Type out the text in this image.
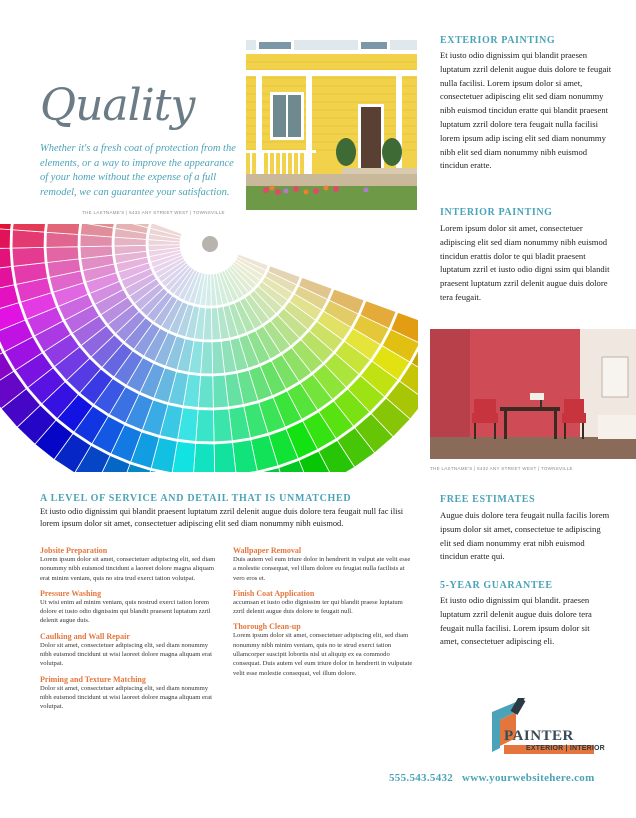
Quality
Whether it's a fresh coat of protection from the elements, or a way to improve the appearance of your home without the expense of a full remodel, we can guarantee your satisfaction.
THE LASTNAME'S | 5432 ANY STREET WEST | TOWNSVILLE
EXTERIOR PAINTING
Et iusto odio dignissim qui blandit praesen luptatum zzril delenit augue duis dolore te feugait nulla facilisi. Lorem ipsum dolor si amet, consectetuer adipiscing elit sed diam nonummy nibh euismod tincidun eratte qui blandit praesent luptatum zzril dolore tera feugait nulla facilisi lorem ipsum adip iscing elit sed diam nonummy nibh elit sed diam nonummy nibh euismod tincidun eratte.
INTERIOR PAINTING
Lorem ipsum dolor sit amet, consectetuer adipiscing elit sed diam nonummy nibh euismod tincidun erattis dolor te qui bladit praesent luptatum zzril et iusto odio digni ssim qui blandit praesent luptatum zzril delenit augue duis dolore tera feugait.
THE LASTNAME'S | 5432 ANY STREET WEST | TOWNSVILLE
FREE ESTIMATES
Augue duis dolore tera feugait nulla facilis lorem ipsum dolor sit amet, consectetue te adipiscing elit sed diam nonummy erat nibh euismod tincidun eratte qui.
5-YEAR GUARANTEE
Et iusto odio dignissim qui blandit. praesen luptatum zzril delenit augue duis dolore tera feugait nulla facilisi. Lorem ipsum dolor sit amet, consectetuer adipiscing eli.
A LEVEL OF SERVICE AND DETAIL THAT IS UNMATCHED
Et iusto odio dignissim qui blandit praesent luptatum zzril delenit augue duis dolore tera feugait null fac ilisi lorem ipsum dolor sit amet, consectetuer adipiscing elit sed diam nonummy nibh euismod.
Jobsite Preparation
Lorem ipsum dolor sit amet, consectetuer adipiscing elit, sed diam nonummy nibh euismod tincidunt a laoreet dolore magna aliquam erat minim veniam, quis no stra trud exerci tation volutpat.
Pressure Washing
Ut wisi enim ad minim veniam, quis nostrud exerci tation lorem dolore et iusto odio dignissim qui blandit praesent luptatum zzril delenit augue duis.
Caulking and Wall Repair
Dolor sit amet, consectetuer adipiscing elit, sed diam nonummy nibh euismod tincidunt ut wisi laoreet dolore magna aliquam erat volutpat.
Priming and Texture Matching
Dolor sit amet, consectetuer adipiscing elit, sed diam nonummy nibh euismod tincidunt ut wisi laoreet dolore magna aliquam erat volutpat.
Wallpaper Removal
Duis autem vel eum iriure dolor in hendrerit in vulput ate velit esse a molestie consequat, vel illum dolore eu feugiat nulla facilisis at vero eros et.
Finish Coat Application
accumsan et iusto odio dignissim ter qui blandit praese luptatum zzril delenit augue duis dolore te feugait null.
Thorough Clean-up
Lorem ipsum dolor sit amet, consectetuer adipiscing elit, sed diam nonummy nibh minim veniam, quis no te strud exerci tation ullamcorper suscipit lobortis nisl ut aliquip ex ea commodo consequat. Duis autem vel eum iriure dolor in hendrerit in vulputate velit esse molestie consequat, vel illum dolore.
PAINTER
EXTERIOR | INTERIOR
555.543.5432 www.yourwebsitehere.com
